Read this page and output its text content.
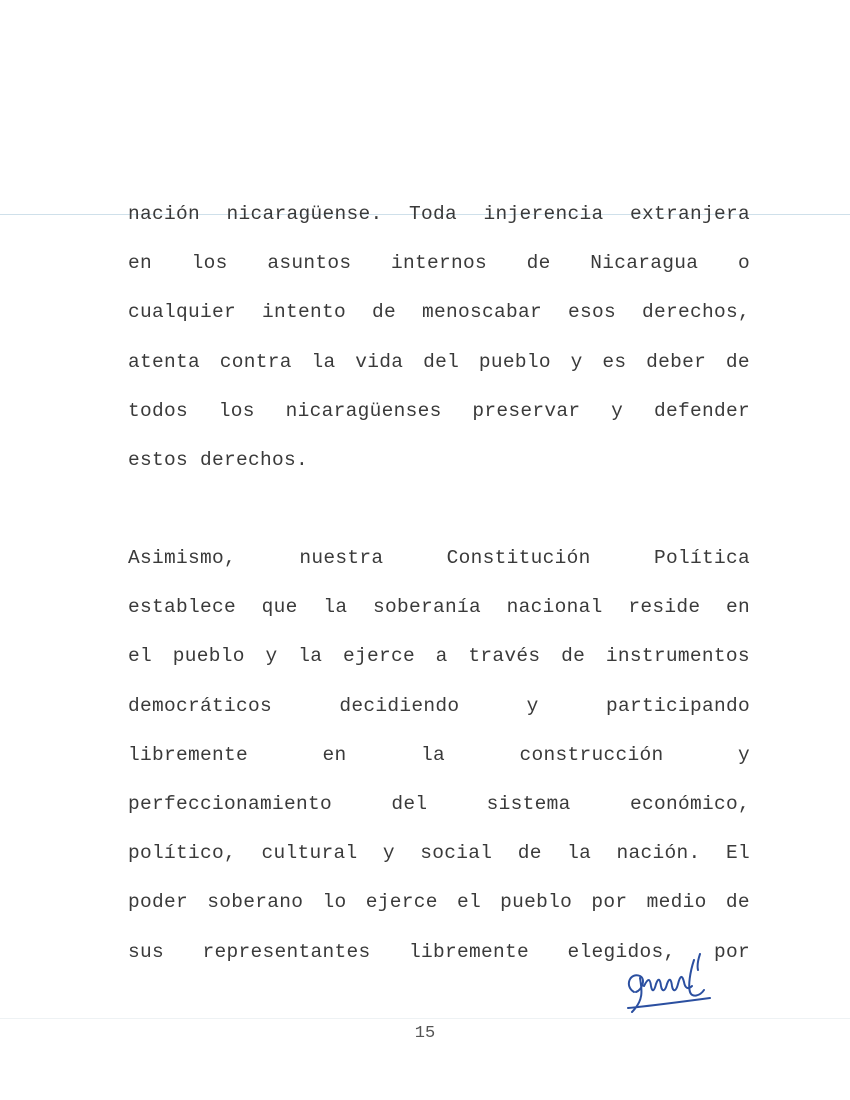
nación nicaragüense. Toda injerencia extranjera
en los asuntos internos de Nicaragua o
cualquier intento de menoscabar esos derechos,
atenta contra la vida del pueblo y es deber de
todos los nicaragüenses preservar y defender
estos derechos.
Asimismo,	nuestra	Constitución	Política
establece que la soberanía nacional reside en
el pueblo y la ejerce a través de instrumentos
democráticos	decidiendo	y	participando
libremente	en	la	construcción	y
perfeccionamiento	del	sistema	económico,
político, cultural y social de la nación. El
poder soberano lo ejerce el pueblo por medio de
sus representantes libremente elegidos, por
15
